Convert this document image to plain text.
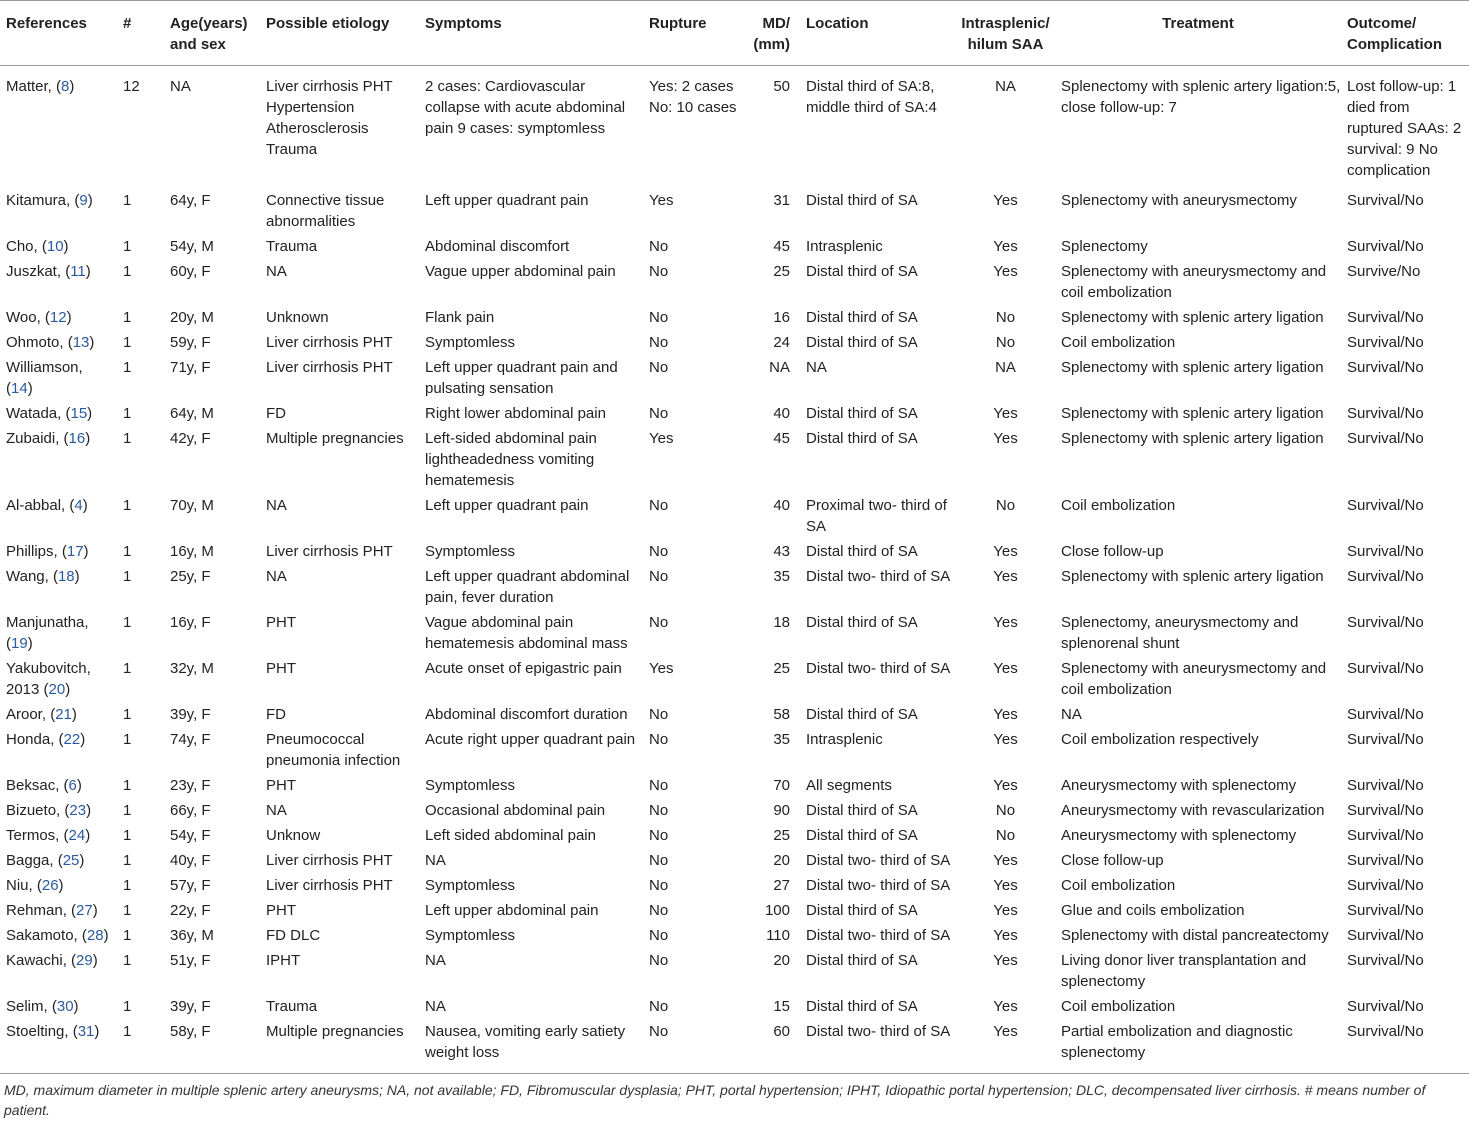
References	#	Age(years) and sex	Possible etiology	Symptoms	Rupture	MD/ (mm)	Location	Intrasplenic/ hilum SAA	Treatment	Outcome/ Complication
Matter, (8)	12	NA	Liver cirrhosis PHT Hypertension Atherosclerosis Trauma	2 cases: Cardiovascular collapse with acute abdominal pain 9 cases: symptomless	Yes: 2 cases No: 10 cases	50	Distal third of SA:8, middle third of SA:4	NA	Splenectomy with splenic artery ligation:5, close follow-up: 7	Lost follow-up: 1 died from ruptured SAAs: 2 survival: 9 No complication
Kitamura, (9)	1	64y, F	Connective tissue abnormalities	Left upper quadrant pain	Yes	31	Distal third of SA	Yes	Splenectomy with aneurysmectomy	Survival/No
Cho, (10)	1	54y, M	Trauma	Abdominal discomfort	No	45	Intrasplenic	Yes	Splenectomy	Survival/No
Juszkat, (11)	1	60y, F	NA	Vague upper abdominal pain	No	25	Distal third of SA	Yes	Splenectomy with aneurysmectomy and coil embolization	Survive/No
Woo, (12)	1	20y, M	Unknown	Flank pain	No	16	Distal third of SA	No	Splenectomy with splenic artery ligation	Survival/No
Ohmoto, (13)	1	59y, F	Liver cirrhosis PHT	Symptomless	No	24	Distal third of SA	No	Coil embolization	Survival/No
Williamson, (14)	1	71y, F	Liver cirrhosis PHT	Left upper quadrant pain and pulsating sensation	No	NA	NA	NA	Splenectomy with splenic artery ligation	Survival/No
Watada, (15)	1	64y, M	FD	Right lower abdominal pain	No	40	Distal third of SA	Yes	Splenectomy with splenic artery ligation	Survival/No
Zubaidi, (16)	1	42y, F	Multiple pregnancies	Left-sided abdominal pain lightheadedness vomiting hematemesis	Yes	45	Distal third of SA	Yes	Splenectomy with splenic artery ligation	Survival/No
Al-abbal, (4)	1	70y, M	NA	Left upper quadrant pain	No	40	Proximal two- third of SA	No	Coil embolization	Survival/No
Phillips, (17)	1	16y, M	Liver cirrhosis PHT	Symptomless	No	43	Distal third of SA	Yes	Close follow-up	Survival/No
Wang, (18)	1	25y, F	NA	Left upper quadrant abdominal pain, fever duration	No	35	Distal two- third of SA	Yes	Splenectomy with splenic artery ligation	Survival/No
Manjunatha, (19)	1	16y, F	PHT	Vague abdominal pain hematemesis abdominal mass	No	18	Distal third of SA	Yes	Splenectomy, aneurysmectomy and splenorenal shunt	Survival/No
Yakubovitch, 2013 (20)	1	32y, M	PHT	Acute onset of epigastric pain	Yes	25	Distal two- third of SA	Yes	Splenectomy with aneurysmectomy and coil embolization	Survival/No
Aroor, (21)	1	39y, F	FD	Abdominal discomfort duration	No	58	Distal third of SA	Yes	NA	Survival/No
Honda, (22)	1	74y, F	Pneumococcal pneumonia infection	Acute right upper quadrant pain	No	35	Intrasplenic	Yes	Coil embolization respectively	Survival/No
Beksac, (6)	1	23y, F	PHT	Symptomless	No	70	All segments	Yes	Aneurysmectomy with splenectomy	Survival/No
Bizueto, (23)	1	66y, F	NA	Occasional abdominal pain	No	90	Distal third of SA	No	Aneurysmectomy with revascularization	Survival/No
Termos, (24)	1	54y, F	Unknow	Left sided abdominal pain	No	25	Distal third of SA	No	Aneurysmectomy with splenectomy	Survival/No
Bagga, (25)	1	40y, F	Liver cirrhosis PHT	NA	No	20	Distal two- third of SA	Yes	Close follow-up	Survival/No
Niu, (26)	1	57y, F	Liver cirrhosis PHT	Symptomless	No	27	Distal two- third of SA	Yes	Coil embolization	Survival/No
Rehman, (27)	1	22y, F	PHT	Left upper abdominal pain	No	100	Distal third of SA	Yes	Glue and coils embolization	Survival/No
Sakamoto, (28)	1	36y, M	FD DLC	Symptomless	No	110	Distal two- third of SA	Yes	Splenectomy with distal pancreatectomy	Survival/No
Kawachi, (29)	1	51y, F	IPHT	NA	No	20	Distal third of SA	Yes	Living donor liver transplantation and splenectomy	Survival/No
Selim, (30)	1	39y, F	Trauma	NA	No	15	Distal third of SA	Yes	Coil embolization	Survival/No
Stoelting, (31)	1	58y, F	Multiple pregnancies	Nausea, vomiting early satiety weight loss	No	60	Distal two- third of SA	Yes	Partial embolization and diagnostic splenectomy	Survival/No
MD, maximum diameter in multiple splenic artery aneurysms; NA, not available; FD, Fibromuscular dysplasia; PHT, portal hypertension; IPHT, Idiopathic portal hypertension; DLC, decompensated liver cirrhosis. # means number of patient.
